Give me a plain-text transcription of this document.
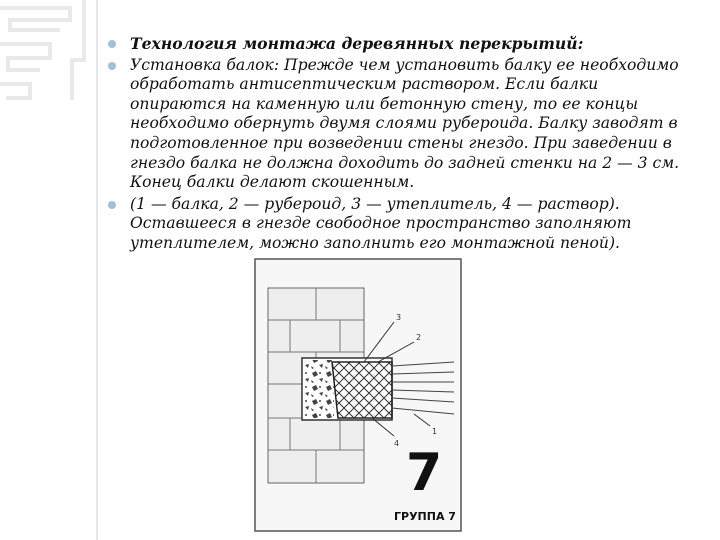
Технология монтажа деревянных перекрытий:
Установка балок: Прежде чем установить балку ее необходимо обработать антисептическим раствором. Если балки опираются на каменную или бетонную стену, то ее концы необходимо обернуть двумя слоями рубероида. Балку заводят в подготовленное при возведении стены гнездо. При заведении в гнездо балка не должна доходить до задней стенки на 2 — 3 см. Конец балки делают скошенным.
(1 — балка, 2 — рубероид, 3 — утеплитель, 4 — раствор). Оставшееся в гнезде свободное пространство заполняют утеплителем, можно заполнить его монтажной пеной).
3
2
4
1
7
ГРУППА 7
